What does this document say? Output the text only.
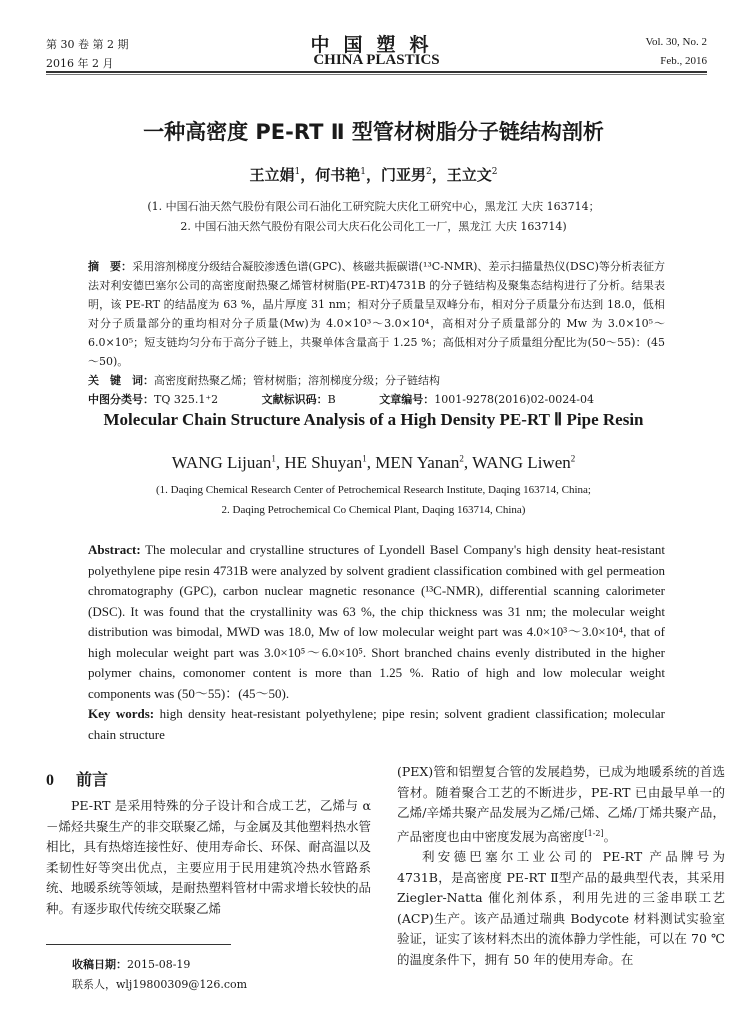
第 30 卷 第 2 期
2016 年 2 月
中国塑料
CHINA PLASTICS
Vol. 30, No. 2
Feb., 2016
一种高密度 PE-RT Ⅱ 型管材树脂分子链结构剖析
王立娟$^1$，何书艳$^1$，门亚男$^2$，王立文$^2$
(1. 中国石油天然气股份有限公司石油化工研究院大庆化工研究中心，黑龙江 大庆 163714；
2. 中国石油天然气股份有限公司大庆石化公司化工一厂，黑龙江 大庆 163714)
摘　要：采用溶剂梯度分级结合凝胶渗透色谱(GPC)、核磁共振碳谱(¹³C-NMR)、差示扫描量热仪(DSC)等分析表征方法对利安德巴塞尔公司的高密度耐热聚乙烯管材树脂(PE-RT)4731B 的分子链结构及聚集态结构进行了分析。结果表明，该 PE-RT 的结晶度为 63 %，晶片厚度 31 nm；相对分子质量呈双峰分布，相对分子质量分布达到 18.0，低相对分子质量部分的重均相对分子质量(Mw)为 4.0×10³～3.0×10⁴，高相对分子质量部分的 Mw 为 3.0×10⁵～6.0×10⁵；短支链均匀分布于高分子链上，共聚单体含量高于 1.25 %；高低相对分子质量组分配比为(50～55)：(45～50)。
关　键　词：高密度耐热聚乙烯；管材树脂；溶剂梯度分级；分子链结构
中图分类号：TQ 325.1⁺2	文献标识码：B	文章编号：1001-9278(2016)02-0024-04
Molecular Chain Structure Analysis of a High Density PE-RT Ⅱ Pipe Resin
WANG Lijuan$^1$, HE Shuyan$^1$, MEN Yanan$^2$, WANG Liwen$^2$
(1. Daqing Chemical Research Center of Petrochemical Research Institute, Daqing 163714, China;
2. Daqing Petrochemical Co Chemical Plant, Daqing 163714, China)
Abstract: The molecular and crystalline structures of Lyondell Basel Company's high density heat-resistant polyethylene pipe resin 4731B were analyzed by solvent gradient classification combined with gel permeation chromatography (GPC), carbon nuclear magnetic resonance (¹³C-NMR), differential scanning calorimeter (DSC). It was found that the crystallinity was 63 %, the chip thickness was 31 nm; the molecular weight distribution was bimodal, MWD was 18.0, Mw of low molecular weight part was 4.0×10³～3.0×10⁴, that of high molecular weight part was 3.0×10⁵～6.0×10⁵. Short branched chains evenly distributed in the higher polymer chains, comonomer content is more than 1.25 %. Ratio of high and low molecular weight components was (50～55)：(45～50).
Key words: high density heat-resistant polyethylene; pipe resin; solvent gradient classification; molecular chain structure
0 前言

PE-RT 是采用特殊的分子设计和合成工艺，乙烯与 α－烯烃共聚生产的非交联聚乙烯，与金属及其他塑料热水管相比，具有热熔连接性好、使用寿命长、环保、耐高温以及柔韧性好等突出优点，主要应用于民用建筑冷热水管路系统、地暖系统等领域，是耐热塑料管材中需求增长较快的品种。有逐步取代传统交联聚乙烯

(PEX)管和铝塑复合管的发展趋势，已成为地暖系统的首选管材。随着聚合工艺的不断进步，PE-RT 已由最早单一的乙烯/辛烯共聚产品发展为乙烯/己烯、乙烯/丁烯共聚产品，产品密度也由中密度发展为高密度[1-2]。

利安德巴塞尔工业公司的 PE-RT 产品牌号为 4731B，是高密度 PE-RT Ⅱ型产品的最典型代表，其采用 Ziegler-Natta 催化剂体系，利用先进的三釜串联工艺(ACP)生产。该产品通过瑞典 Bodycote 材料测试实验室验证，证实了该材料杰出的流体静力学性能，可以在 70 ℃的温度条件下，拥有 50 年的使用寿命。在

收稿日期：2015-08-19
联系人，wlj19800309@126.com
